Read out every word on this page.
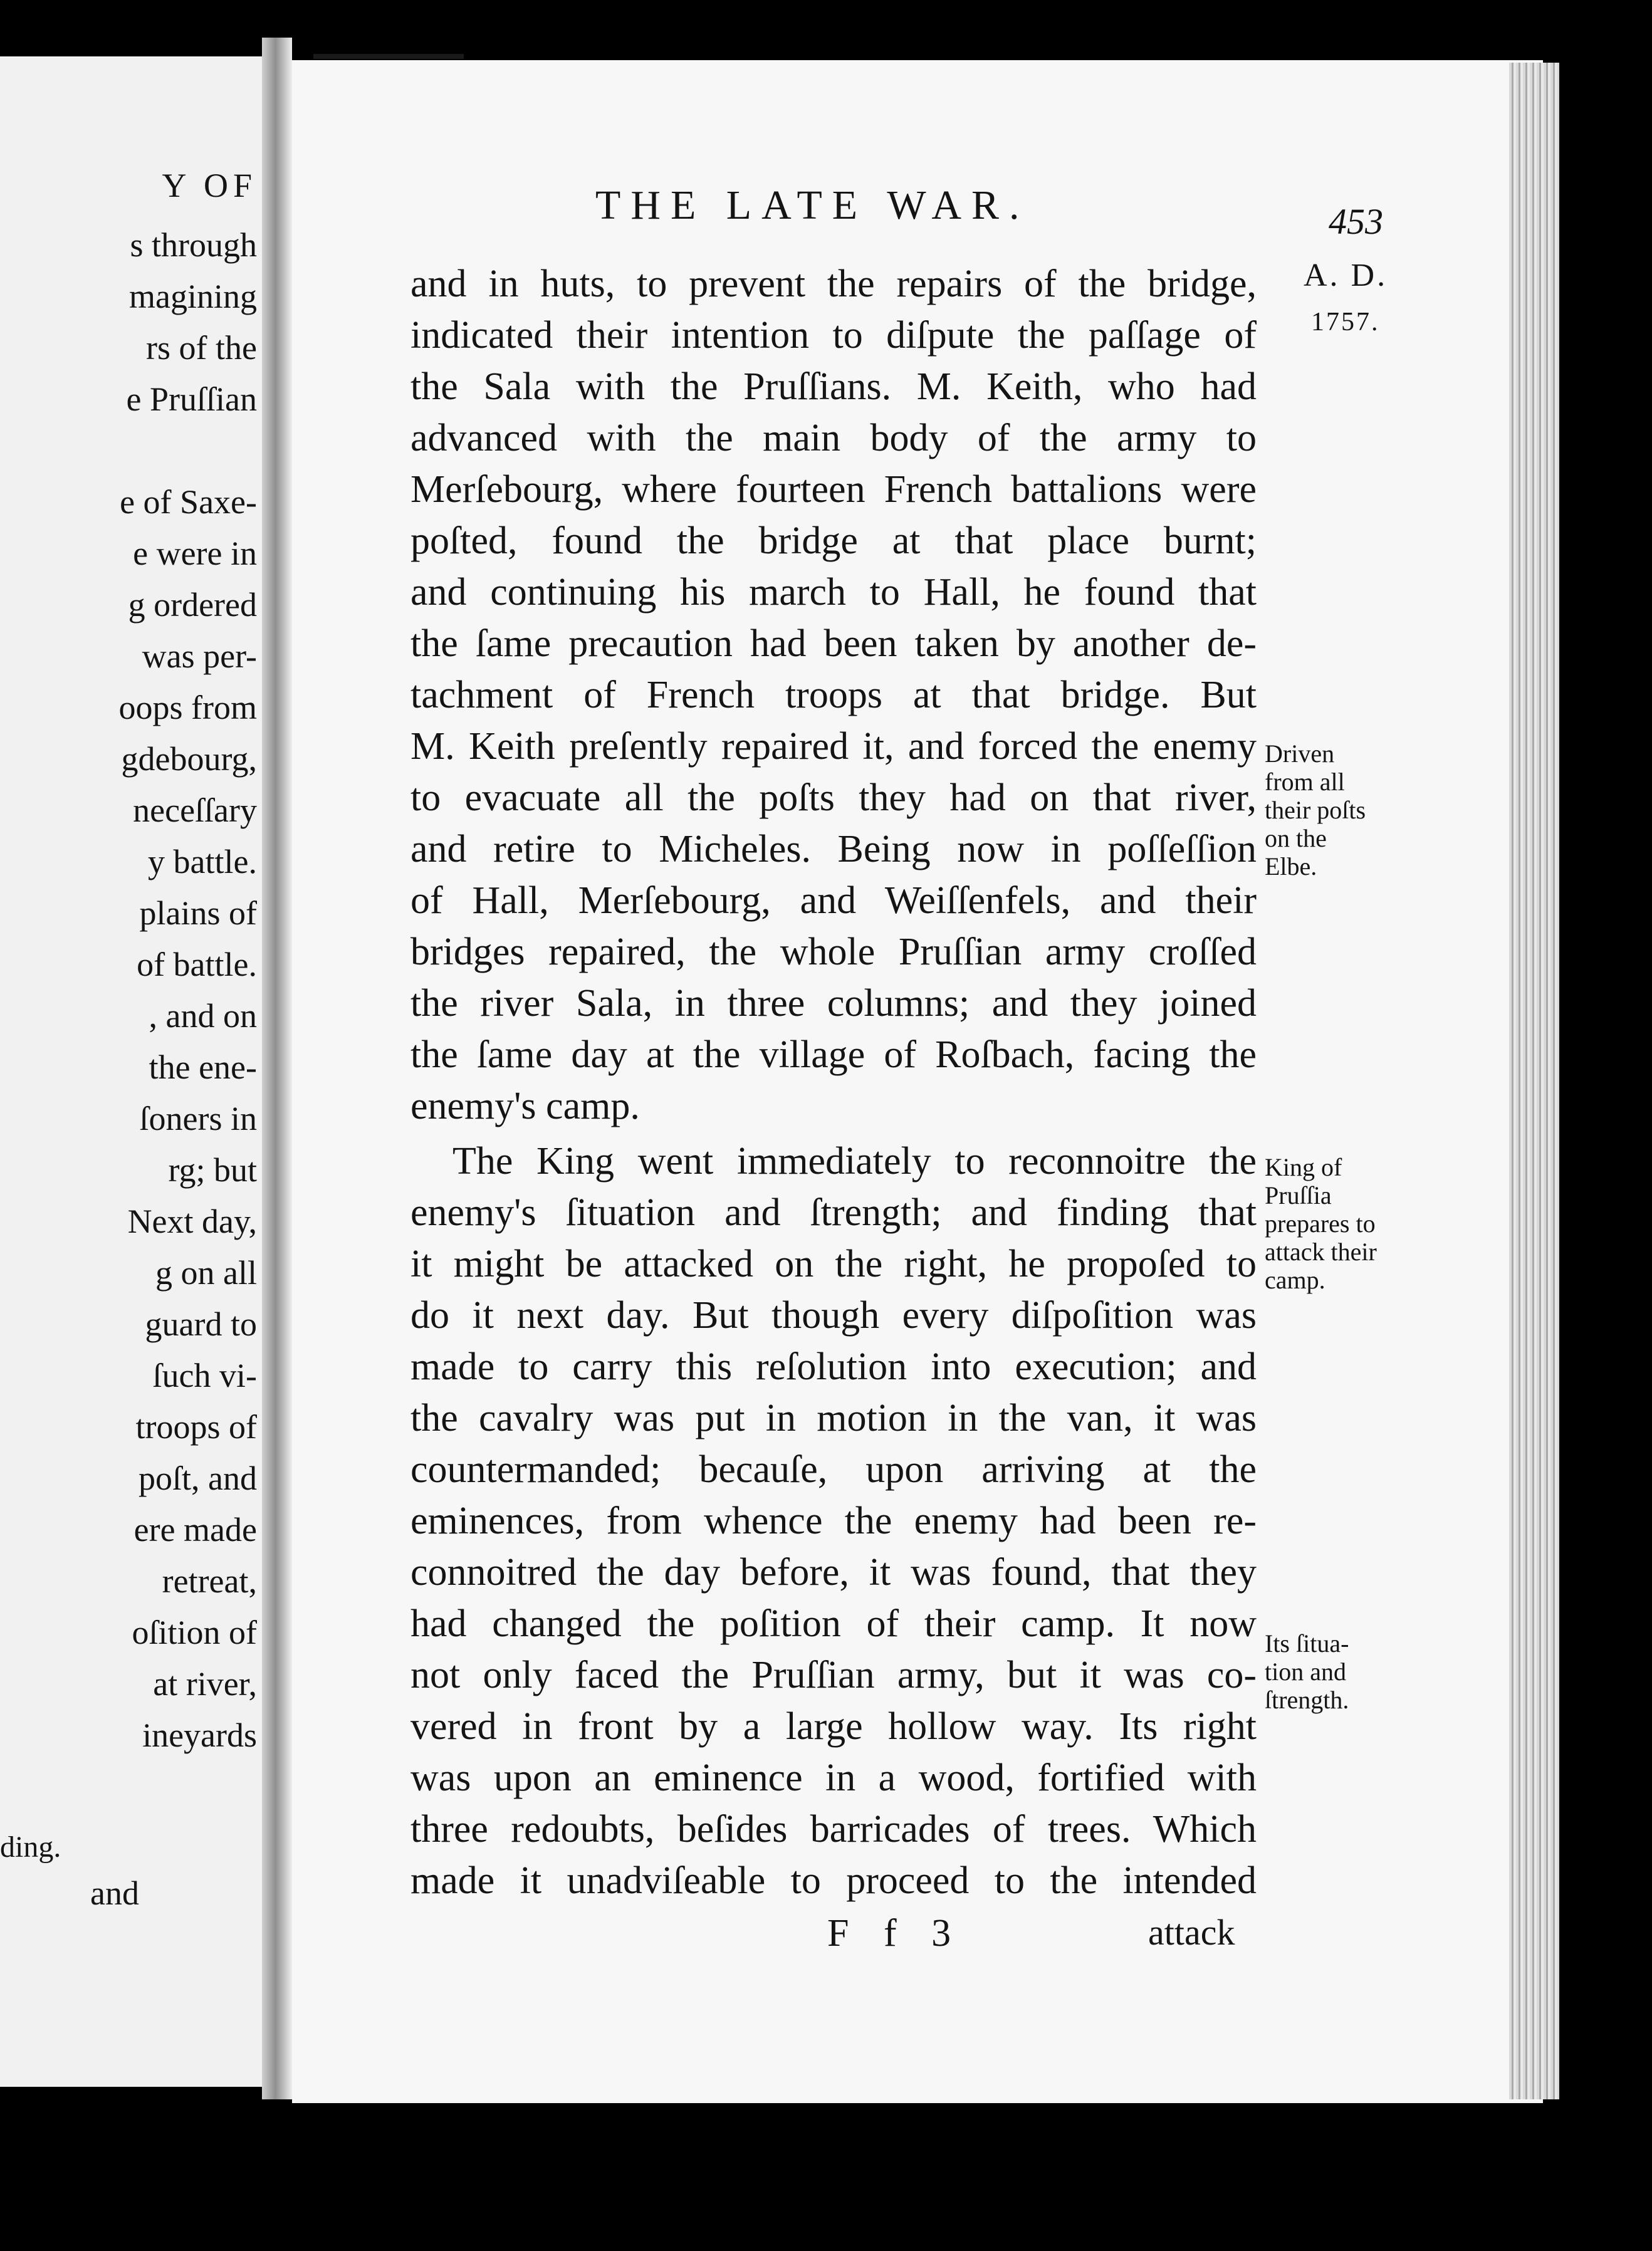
Y OF
s through
magining
rs of the
e Pruſſian
e of Saxe-
e were in
g ordered
was per-
oops from
gdebourg,
neceſſary
y battle.
plains of
of battle.
, and on
the ene-
ſoners in
rg; but
Next day,
g on all
guard to
ſuch vi-
troops of
poſt, and
ere made
retreat,
oſition of
at river,
ineyards
ding.
and
THE LATE WAR.	453
A. D.
1757.
and in huts, to prevent the repairs of the bridge,
indicated their intention to diſpute the paſſage of
the Sala with the Pruſſians. M. Keith, who had
advanced with the main body of the army to
Merſebourg, where fourteen French battalions were
poſted, found the bridge at that place burnt;
and continuing his march to Hall, he found that
the ſame precaution had been taken by another de-
tachment of French troops at that bridge. But
M. Keith preſently repaired it, and forced the enemy
to evacuate all the poſts they had on that river,
and retire to Micheles. Being now in poſſeſſion
of Hall, Merſebourg, and Weiſſenfels, and their
bridges repaired, the whole Pruſſian army croſſed
the river Sala, in three columns; and they joined
the ſame day at the village of Roſbach, facing the
enemy's camp.
The King went immediately to reconnoitre the
enemy's ſituation and ſtrength; and finding that
it might be attacked on the right, he propoſed to
do it next day. But though every diſpoſition was
made to carry this reſolution into execution; and
the cavalry was put in motion in the van, it was
countermanded; becauſe, upon arriving at the
eminences, from whence the enemy had been re-
connoitred the day before, it was found, that they
had changed the poſition of their camp. It now
not only faced the Pruſſian army, but it was co-
vered in front by a large hollow way. Its right
was upon an eminence in a wood, fortified with
three redoubts, beſides barricades of trees. Which
made it unadviſeable to proceed to the intended
Driven
from all
their poſts
on the
Elbe.
King of
Pruſſia
prepares to
attack their
camp.
Its ſitua-
tion and
ſtrength.
F f 3	attack
